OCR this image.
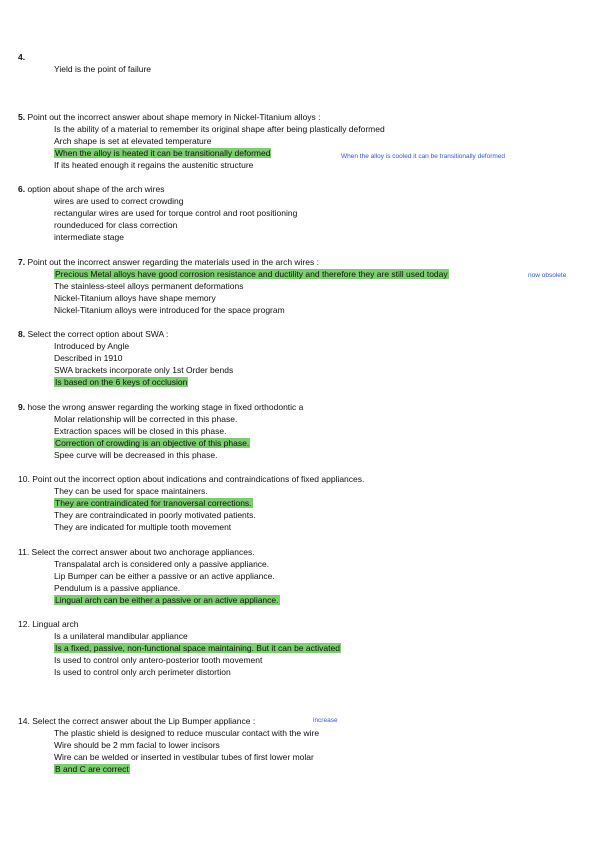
4.
Yield is the point of failure
5. Point out the incorrect answer about shape memory in Nickel-Titanium alloys :
Is the ability of a material to remember its original shape after being plastically deformed
Arch shape is set at elevated temperature
When the alloy is heated it can be transitionally deformed
If its heated enough it regains the austenitic structure
When the alloy is cooled it can be transitionally deformed
6. option about shape of the arch wires
wires are used to correct crowding
rectangular wires are used for torque control and root positioning
roundeduced for class correction
intermediate stage
7. Point out the incorrect answer regarding the materials used in the arch wires :
Precious Metal alloys have good corrosion resistance and ductility and therefore they are still used today
The stainless-steel alloys permanent deformations
Nickel-Titanium alloys have shape memory
Nickel-Titanium alloys were introduced for the space program
now obsolete
8. Select the correct option about SWA :
Introduced by Angle
Described in 1910
SWA brackets incorporate only 1st Order bends
Is based on the 6 keys of occlusion
9. hose the wrong answer regarding the working stage in fixed orthodontic a
Molar relationship will be corrected in this phase.
Extraction spaces will be closed in this phase.
Correction of crowding is an objective of this phase.
Spee curve will be decreased in this phase.
10. Point out the incorrect option about indications and contraindications of fixed appliances.
They can be used for space maintainers.
They are contraindicated for tranoversal corrections.
They are contraindicated in poorly motivated patients.
They are indicated for multiple tooth movement
11. Select the correct answer about two anchorage appliances.
Transpalatal arch is considered only a passive appliance.
Lip Bumper can be either a passive or an active appliance.
Pendulum is a passive appliance.
Lingual arch can be either a passive or an active appliance.
12. Lingual arch
Is a unilateral mandibular appliance
Is a fixed, passive, non-functional space maintaining. But it can be activated
Is used to control only antero-posterior tooth movement
Is used to control only arch perimeter distortion
14. Select the correct answer about the Lip Bumper appliance :
The plastic shield is designed to reduce muscular contact with the wire
Wire should be 2 mm facial to lower incisors
Wire can be welded or inserted in vestibular tubes of first lower molar
B and C are correct
increase
